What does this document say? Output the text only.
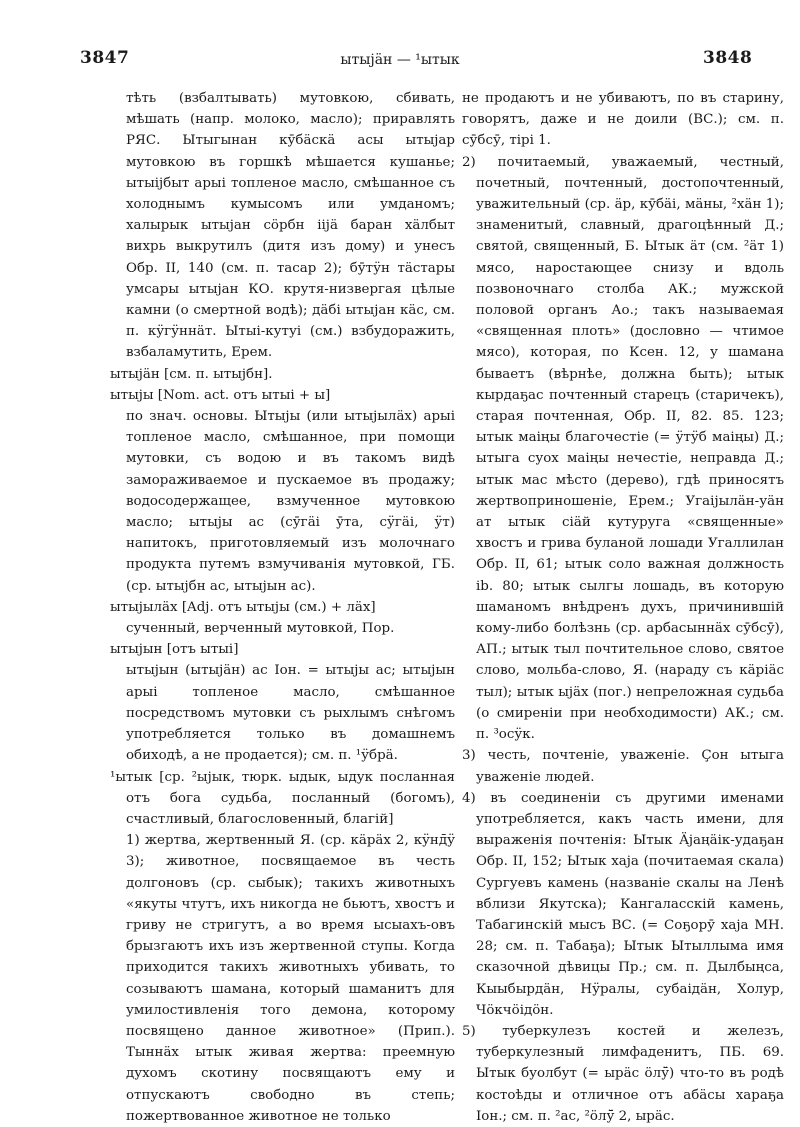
3847	ытыјäн — ¹ытык	3848

тѣть (взбалтывать) мутовкою, сбивать, мѣшать (напр. молоко, масло); приравлять РЯС. Ытыгынан кӯбäскä асы ытыјар мутовкою въ горшкѣ мѣшается кушанье; ытыіјбыт арыі топленое масло, смѣшанное съ холоднымъ кумысомъ или умданомъ; халырык ытыјан сöрбн ііјä баран хäлбыт вихрь выкрутилъ (дитя изъ дому) и унесъ Обр. II, 140 (см. п. тасар 2); бӯтӱн тäстары умсары ытыјан КО. крутя-низвергая цѣлые камни (о смертной водѣ); дäбі ытыјан кäс, см. п. кӱгӱннäт. Ытыі-кутуі (см.) взбудоражить, взбаламутить, Ерем.

ытыјäн [см. п. ытыјбн].

ытыјы [Nom. act. отъ ытыі + ы]

по знач. основы. Ытыјы (или ытыјылäх) арыі топленое масло, смѣшанное, при помощи мутовки, съ водою и въ такомъ видѣ замораживаемое и пускаемое въ продажу; водосодержащее, взмученное мутовкою масло; ытыјы ас (сӯгäі ӯта, сӱгäі, ӱт) напитокъ, приготовляемый изъ молочнаго продукта путемъ взмучиванія мутовкой, ГБ. (ср. ытыјбн ас, ытыјын ас).

ытыјылäх [Adj. отъ ытыјы (см.) + лäх]

сученный, верченный мутовкой, Пор.

ытыјын [отъ ытыі]

ытыјын (ытыјäн) ас Іон. = ытыјы ас; ытыјын арыі топленое масло, смѣшанное посредствомъ мутовки съ рыхлымъ снѣгомъ употребляется только въ домашнемъ обиходѣ, а не продается); см. п. ¹ӱбрä.

¹ытык [ср. ²ыјык, тюрк. ыдык, ыдук посланная отъ бога судьба, посланный (богомъ), счастливый, благословенный, благій]

1) жертва, жертвенный Я. (ср. кäрäх 2, кӱнд̄ӱ 3); животное, посвящаемое въ честь долгоновъ (ср. сыбык); такихъ животныхъ «якуты чтутъ, ихъ никогда не бьютъ, хвостъ и гриву не стригутъ, а во время ысыахъ-овъ брызгаютъ ихъ изъ жертвенной ступы. Когда приходится такихъ животныхъ убивать, то созываютъ шамана, который шаманитъ для умилостивленія того демона, которому посвящено данное животное» (Прип.). Тыннäх ытык живая жертва: преемную духомъ скотину посвящаютъ ему и отпускаютъ свободно въ степь; пожертвованное животное не только

не продаютъ и не убиваютъ, по въ старину, говорятъ, даже и не доили (ВС.); см. п. сӯбсӯ, тірі 1.

2) почитаемый, уважаемый, честный, почетный, почтенный, достопочтенный, уважительный (ср. äр, кӯбäі, мäны, ²хäн 1); знаменитый, славный, драгоцѣнный Д.; святой, священный, Б. Ытык äт (см. ²äт 1) мясо, наростающее снизу и вдоль позвоночнаго столба АК.; мужской половой органъ Ао.; такъ называемая «священная плоть» (дословно — чтимое мясо), которая, по Ксен. 12, у шамана бываетъ (вѣрнѣе, должна быть); ытык кырдаҕас почтенный старецъ (старичекъ), старая почтенная, Обр. II, 82. 85. 123; ытык маіңы благочестіе (= ӱтӱб маіңы) Д.; ытыга суох маіңы нечестіе, неправда Д.; ытык мас мѣсто (дерево), гдѣ приносятъ жертвоприношеніе, Ерем.; Угаіјылäн-уäн ат ытык сіäй кутуруга «священные» хвостъ и грива буланой лошади Угаллилан Обр. II, 61; ытык соло важная должность ib. 80; ытык сылгы лошадь, въ которую шаманомъ внѣдренъ духъ, причинившій кому-либо болѣзнь (ср. арбасыннäх сӯбсӯ), АП.; ытык тыл почтительное слово, святое слово, мольба-слово, Я. (нараду съ кäріäс тыл); ытык ыјäх (пог.) непреложная судьба (о смиреніи при необходимости) АК.; см. п. ³осӱк.

3) честь, почтеніе, уваженіе. Ҫон ытыга уваженіе людей.

4) въ соединеніи съ другими именами употребляется, какъ часть имени, для выраженія почтенія: Ытык Äјаңäік-удаҕан Обр. II, 152; Ытык хаја (почитаемая скала) Сургуевъ камень (названіе скалы на Ленѣ вблизи Якутска); Кангаласскій камень, Табагинскій мысъ ВС. (= Соҕорӯ хаја МН. 28; см. п. Табаҕа); Ытык Ытыллыма имя сказочной дѣвицы Пр.; см. п. Дылбыңса, Кыыбырдäн, Нӱралы, субаідäн, Холур, Чöкчöідöн.

5) туберкулезъ костей и железъ, туберкулезный лимфаденитъ, ПБ. 69. Ытык буолбут (= ырäс öлӱ̄) что-то въ родѣ костоѣды и отличное отъ абäсы хараҕа Іон.; см. п. ²ас, ²öлӱ̄ 2, ырäс.
